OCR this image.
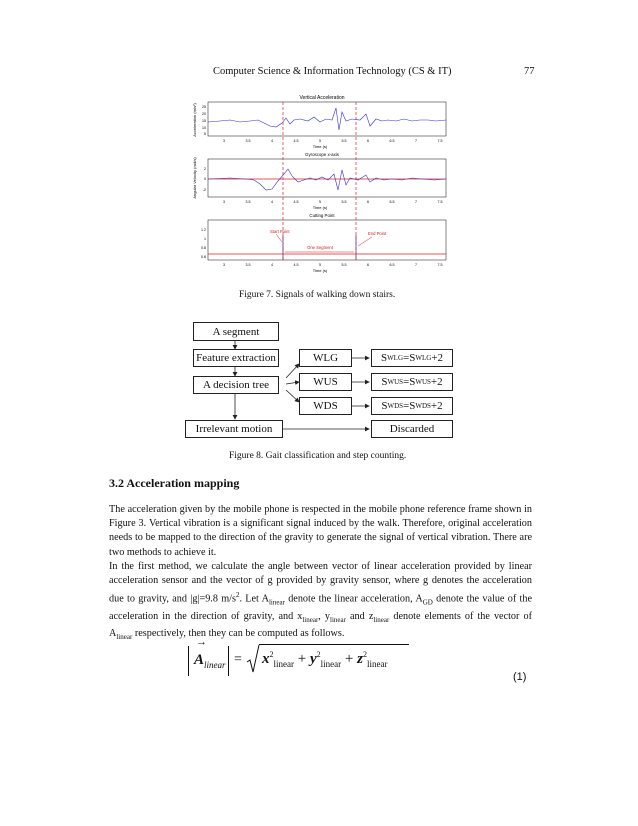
Computer Science & Information Technology (CS & IT)	77
Vertical Acceleration
Acceleration (m/s²) 25
20
15
10
5
3	3.5	4	4.5	5	5.5	6	6.5	7	7.5
Time (s)
Gyroscope x-axis
Angular Velocity (rad/s) 2
0
-2
3	3.5	4	4.5	5	5.5	6	6.5	7	7.5
Time (s)
Cutting Point
1.2
1
0.8
0.6
Start Point	End Point
One Segment
3	3.5	4	4.5	5	5.5	6	6.5	7	7.5
Time (s)
Figure 7. Signals of walking down stairs.
A segment
Feature extraction
A decision tree
Irrelevant motion
WLG
WUS
WDS
S WLG =S WLG +2
S WUS =S WUS +2
S WDS =S WDS +2
Discarded
Figure 8. Gait classification and step counting.
3.2 Acceleration mapping

The acceleration given by the mobile phone is respected in the mobile phone reference frame shown in Figure 3. Vertical vibration is a significant signal induced by the walk. Therefore, original acceleration needs to be mapped to the direction of the gravity to generate the signal of vertical vibration. There are two methods to achieve it.

In the first method, we calculate the angle between vector of linear acceleration provided by linear acceleration sensor and the vector of g provided by gravity sensor, where g denotes the acceleration due to gravity, and |g|=9.8 $m/s^2$. Let $A_{linear}$ denote the linear acceleration, $A_{GD}$ denote the value of the acceleration in the direction of gravity, and $x_{linear}$, $y_{linear}$ and $z_{linear}$ denote elements of the vector of $A_{linear}$ respectively, then they can be computed as follows.

→
$A_{linear} = x^2_{linear} + y^2_{linear} + z^2_{linear}$
(1)
